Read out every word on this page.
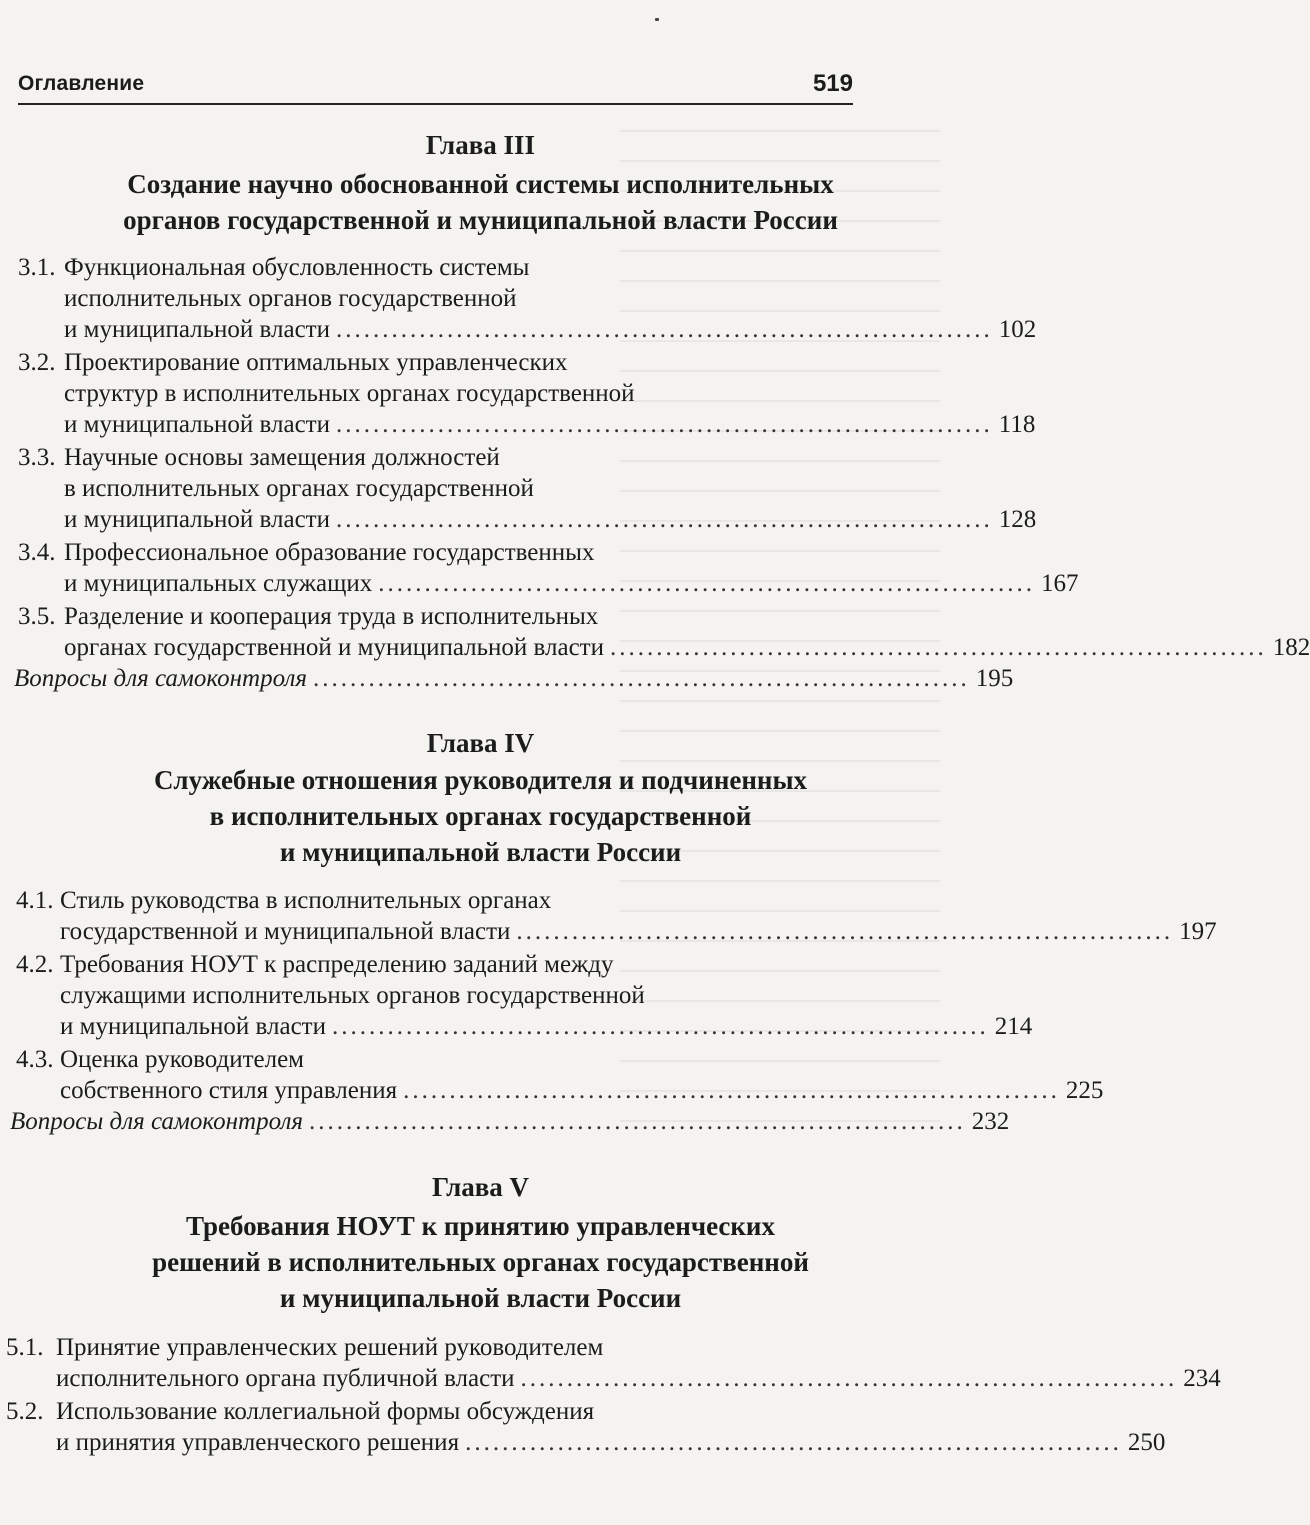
Оглавление	519
Глава III
Создание научно обоснованной системы исполнительных
органов государственной и муниципальной власти России
3.1. Функциональная обусловленность системы
исполнительных органов государственной
и муниципальной власти ....................................................................... 102
3.2. Проектирование оптимальных управленческих
структур в исполнительных органах государственной
и муниципальной власти ....................................................................... 118
3.3. Научные основы замещения должностей
в исполнительных органах государственной
и муниципальной власти ....................................................................... 128
3.4. Профессиональное образование государственных
и муниципальных служащих ....................................................................... 167
3.5. Разделение и кооперация труда в исполнительных
органах государственной и муниципальной власти ....................................................................... 182
Вопросы для самоконтроля ....................................................................... 195
Глава IV
Служебные отношения руководителя и подчиненных
в исполнительных органах государственной
и муниципальной власти России
4.1. Стиль руководства в исполнительных органах
государственной и муниципальной власти ....................................................................... 197
4.2. Требования НОУТ к распределению заданий между
служащими исполнительных органов государственной
и муниципальной власти ....................................................................... 214
4.3. Оценка руководителем
собственного стиля управления ....................................................................... 225
Вопросы для самоконтроля ....................................................................... 232
Глава V
Требования НОУТ к принятию управленческих
решений в исполнительных органах государственной
и муниципальной власти России
5.1. Принятие управленческих решений руководителем
исполнительного органа публичной власти ....................................................................... 234
5.2. Использование коллегиальной формы обсуждения
и принятия управленческого решения ....................................................................... 250
